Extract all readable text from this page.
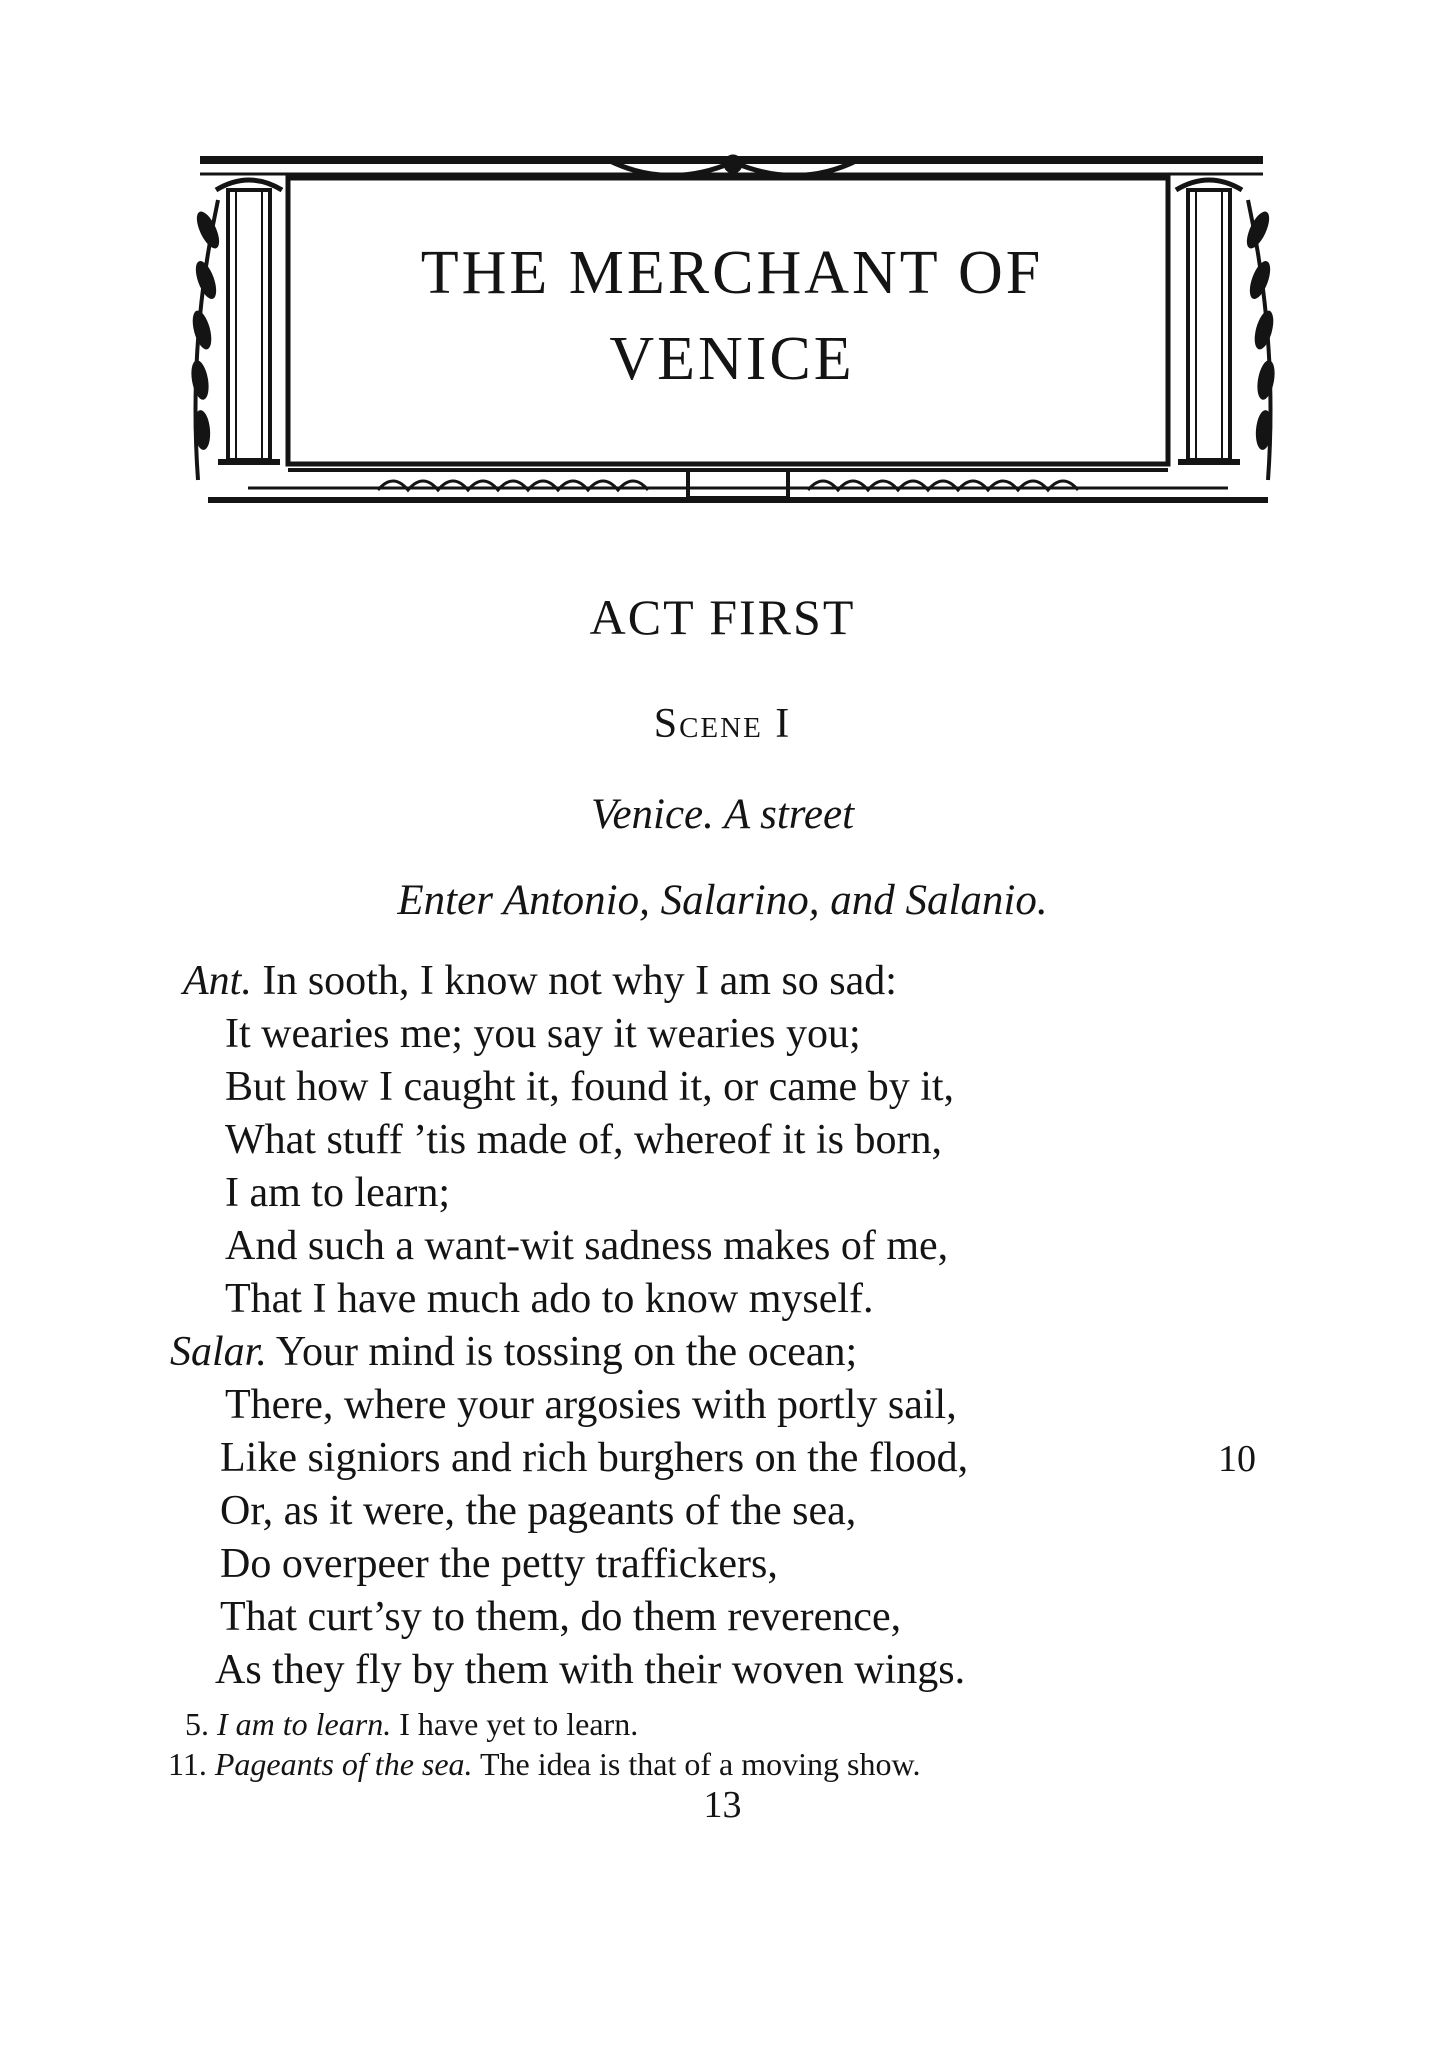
THE MERCHANT OF
VENICE
ACT FIRST
Scene I
Venice. A street
Enter Antonio, Salarino, and Salanio.
Ant. In sooth, I know not why I am so sad:
It wearies me; you say it wearies you;
But how I caught it, found it, or came by it,
What stuff ’tis made of, whereof it is born,
I am to learn;
And such a want-wit sadness makes of me,
That I have much ado to know myself.
Salar. Your mind is tossing on the ocean;
There, where your argosies with portly sail,
Like signiors and rich burghers on the flood,	10
Or, as it were, the pageants of the sea,
Do overpeer the petty traffickers,
That curt’sy to them, do them reverence,
As they fly by them with their woven wings.
5. I am to learn. I have yet to learn.
11. Pageants of the sea. The idea is that of a moving show.
13
